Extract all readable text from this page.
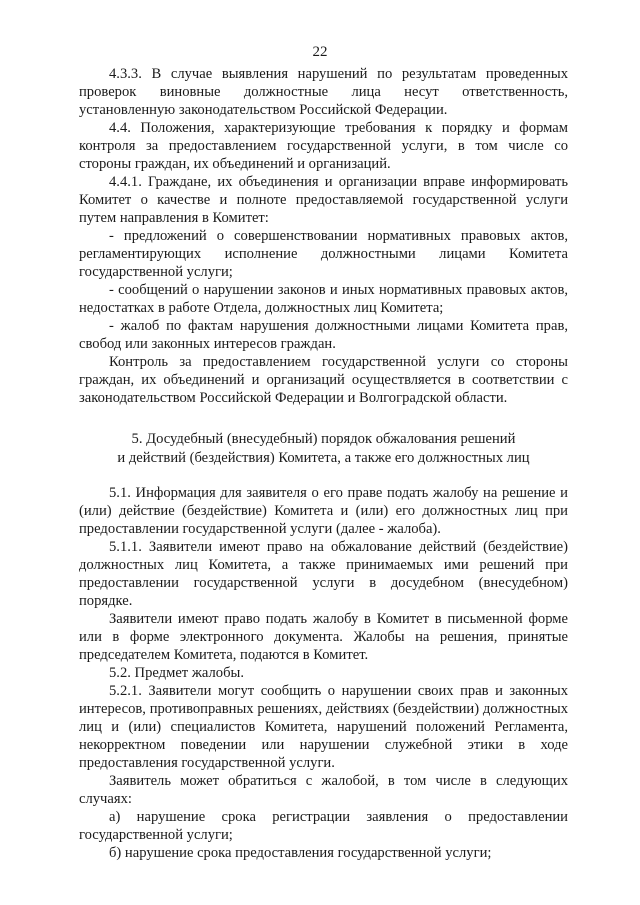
22

4.3.3. В случае выявления нарушений по результатам проведенных проверок виновные должностные лица несут ответственность, установленную законодательством Российской Федерации.

4.4. Положения, характеризующие требования к порядку и формам контроля за предоставлением государственной услуги, в том числе со стороны граждан, их объединений и организаций.

4.4.1. Граждане, их объединения и организации вправе информировать Комитет о качестве и полноте предоставляемой государственной услуги путем направления в Комитет:

- предложений о совершенствовании нормативных правовых актов, регламентирующих исполнение должностными лицами Комитета государственной услуги;

- сообщений о нарушении законов и иных нормативных правовых актов, недостатках в работе Отдела, должностных лиц Комитета;

- жалоб по фактам нарушения должностными лицами Комитета прав, свобод или законных интересов граждан.

Контроль за предоставлением государственной услуги со стороны граждан, их объединений и организаций осуществляется в соответствии с законодательством Российской Федерации и Волгоградской области.

5. Досудебный (внесудебный) порядок обжалования решений
и действий (бездействия) Комитета, а также его должностных лиц

5.1. Информация для заявителя о его праве подать жалобу на решение и (или) действие (бездействие) Комитета и (или) его должностных лиц при предоставлении государственной услуги (далее - жалоба).

5.1.1. Заявители имеют право на обжалование действий (бездействие) должностных лиц Комитета, а также принимаемых ими решений при предоставлении государственной услуги в досудебном (внесудебном) порядке.

Заявители имеют право подать жалобу в Комитет в письменной форме или в форме электронного документа. Жалобы на решения, принятые председателем Комитета, подаются в Комитет.

5.2. Предмет жалобы.

5.2.1. Заявители могут сообщить о нарушении своих прав и законных интересов, противоправных решениях, действиях (бездействии) должностных лиц и (или) специалистов Комитета, нарушений положений Регламента, некорректном поведении или нарушении служебной этики в ходе предоставления государственной услуги.

Заявитель может обратиться с жалобой, в том числе в следующих случаях:

а) нарушение срока регистрации заявления о предоставлении государственной услуги;

б) нарушение срока предоставления государственной услуги;
